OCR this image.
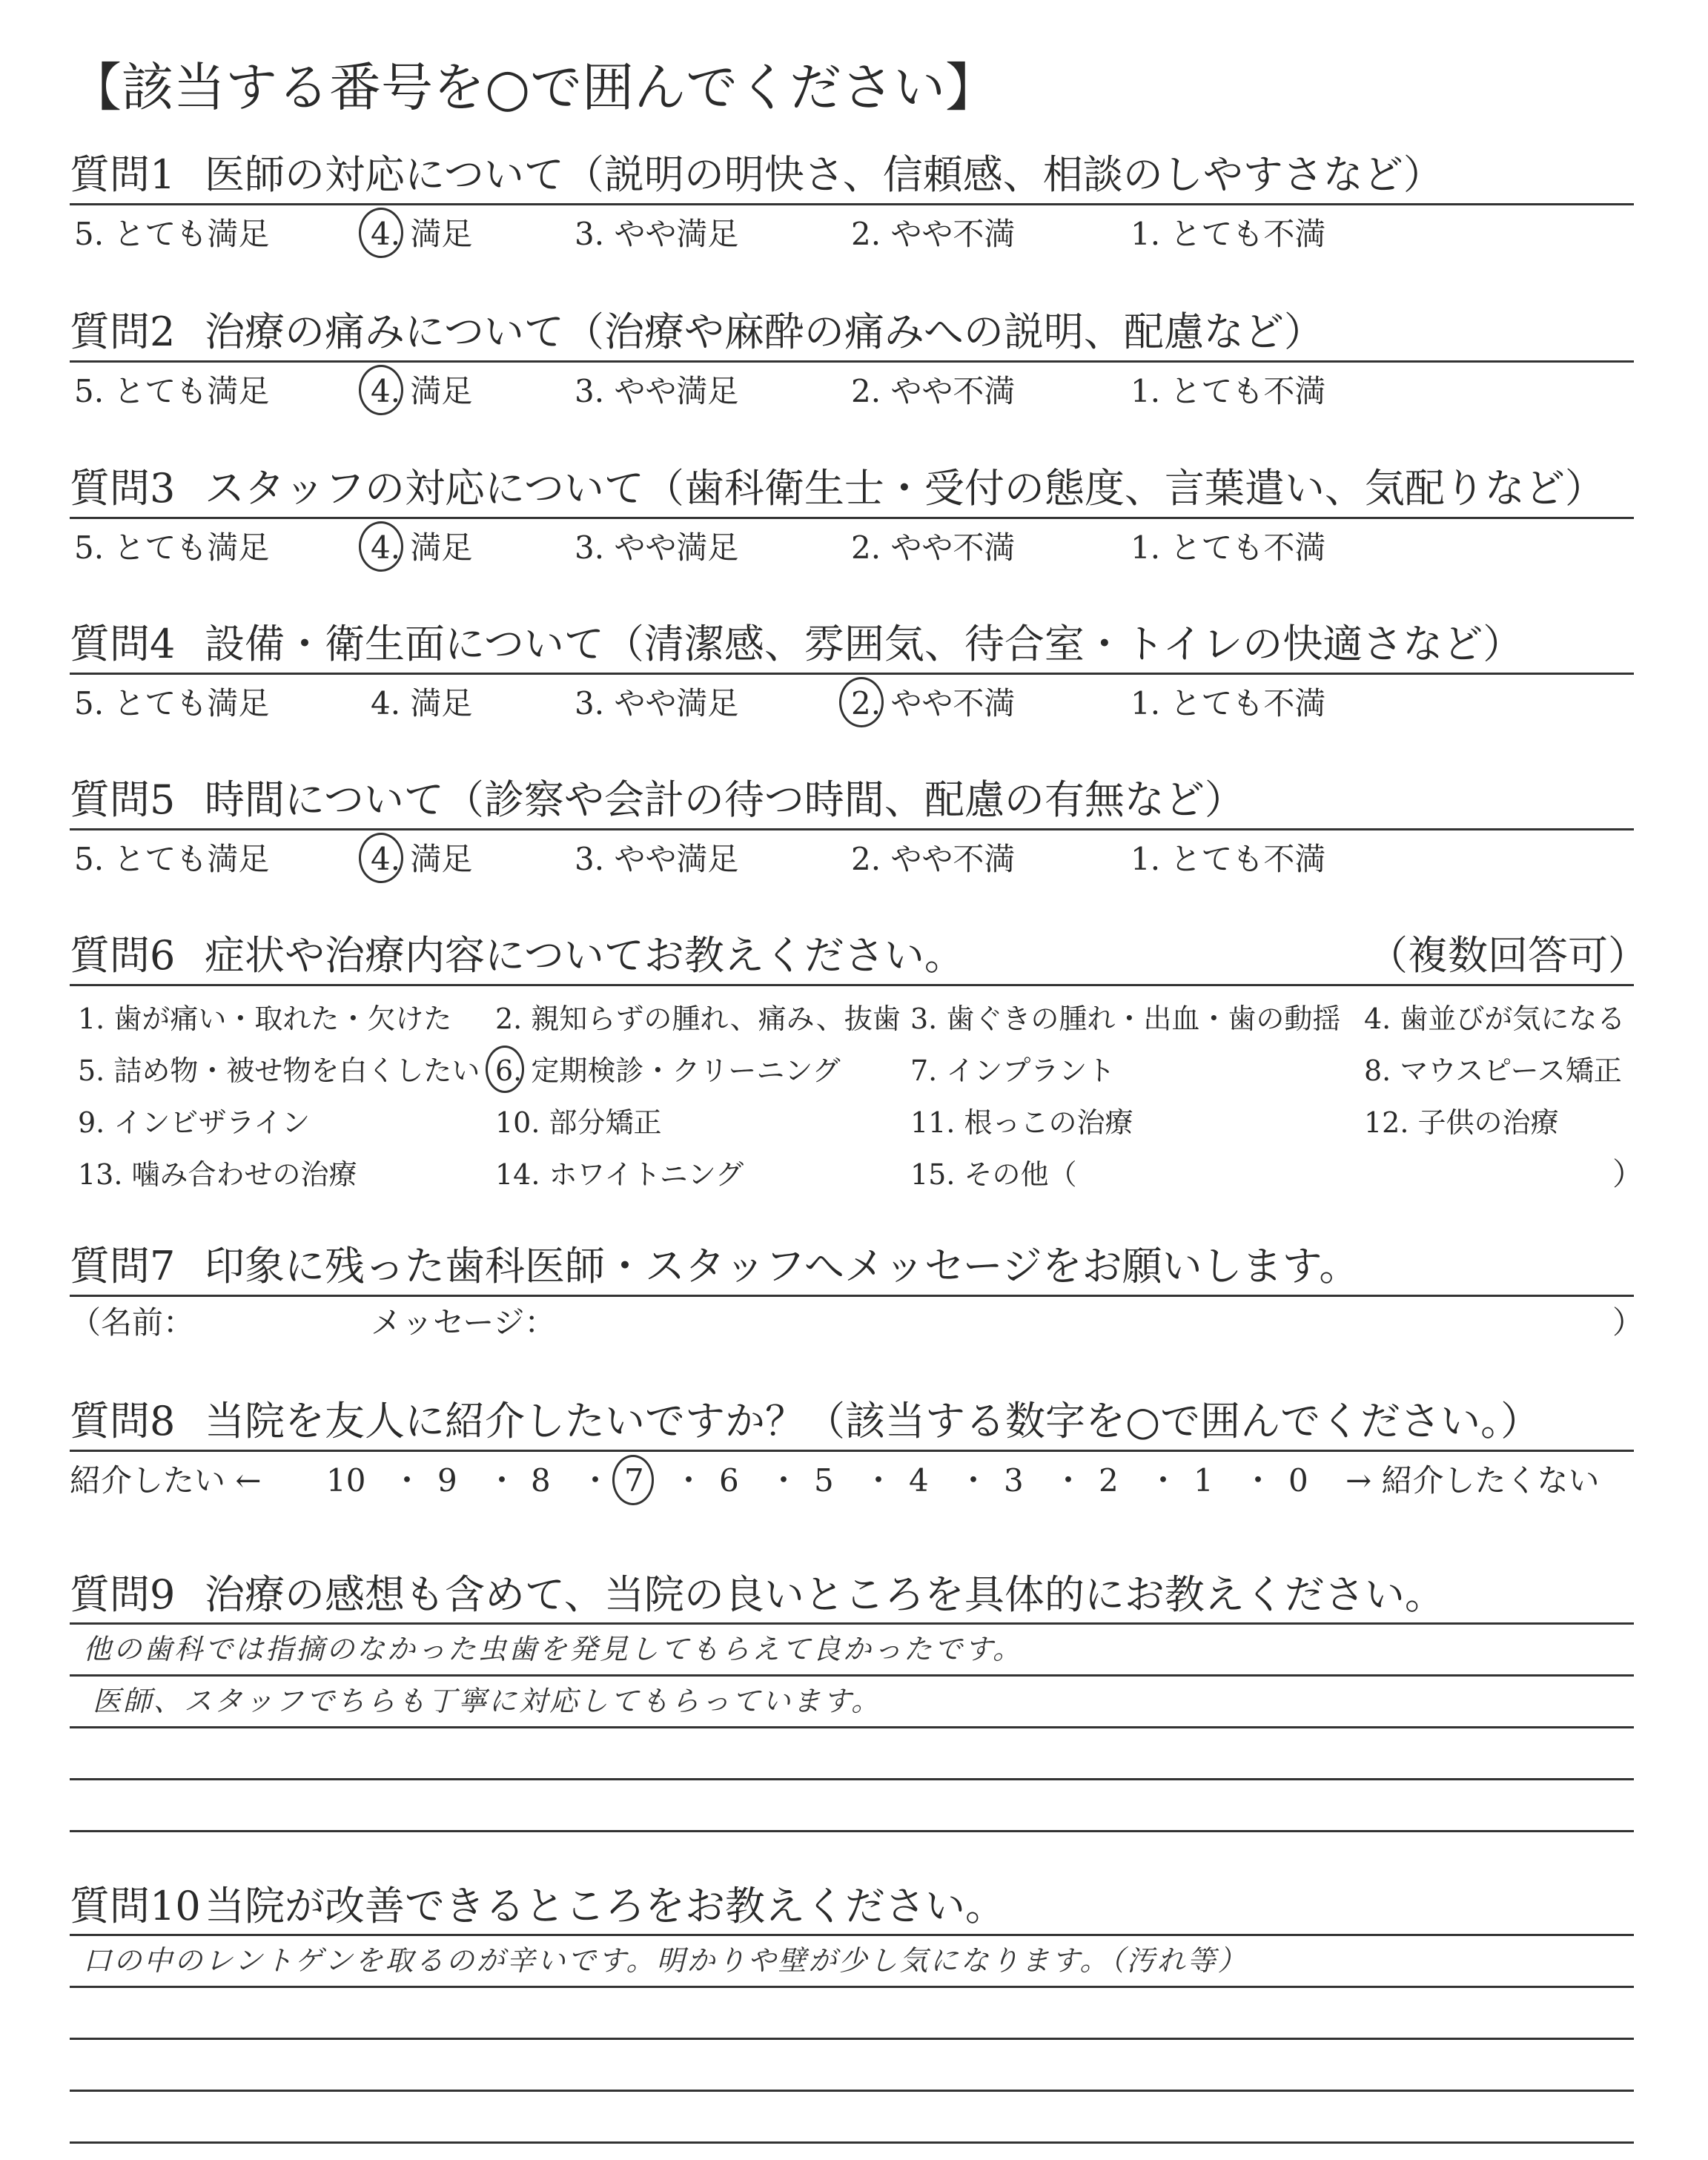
【該当する番号を○で囲んでください】
質問1 医師の対応について（説明の明快さ、信頼感、相談のしやすさなど）
5. とても満足	4. 満足	3. やや満足	2. やや不満	1. とても不満
質問2 治療の痛みについて（治療や麻酔の痛みへの説明、配慮など）
5. とても満足	4. 満足	3. やや満足	2. やや不満	1. とても不満
質問3 スタッフの対応について（歯科衛生士・受付の態度、言葉遣い、気配りなど）
5. とても満足	4. 満足	3. やや満足	2. やや不満	1. とても不満
質問4 設備・衛生面について（清潔感、雰囲気、待合室・トイレの快適さなど）
5. とても満足	4. 満足	3. やや満足	2. やや不満	1. とても不満
質問5 時間について（診察や会計の待つ時間、配慮の有無など）
5. とても満足	4. 満足	3. やや満足	2. やや不満	1. とても不満
質問6 症状や治療内容についてお教えください。	（複数回答可）
1. 歯が痛い・取れた・欠けた 2. 親知らずの腫れ、痛み、抜歯 3. 歯ぐきの腫れ・出血・歯の動揺 4. 歯並びが気になる
5. 詰め物・被せ物を白くしたい 6. 定期検診・クリーニング 7. インプラント	8. マウスピース矯正
9. インビザライン	10. 部分矯正	11. 根っこの治療	12. 子供の治療
13. 噛み合わせの治療	14. ホワイトニング	15. その他（	）
質問7 印象に残った歯科医師・スタッフへメッセージをお願いします。
（名前：	メッセージ：	）
質問8 当院を友人に紹介したいですか？（該当する数字を○で囲んでください。）
紹介したい ← 10 ・ 9 ・ 8 ・ 7 ・ 6 ・ 5 ・ 4 ・ 3 ・ 2 ・ 1 ・ 0 → 紹介したくない
質問9 治療の感想も含めて、当院の良いところを具体的にお教えください。
他の歯科では指摘のなかった虫歯を発見してもらえて良かったです。
医師、スタッフでちらも丁寧に対応してもらっています。
質問10当院が改善できるところをお教えください。
口の中のレントゲンを取るのが辛いです。明かりや壁が少し気になります。（汚れ等）
